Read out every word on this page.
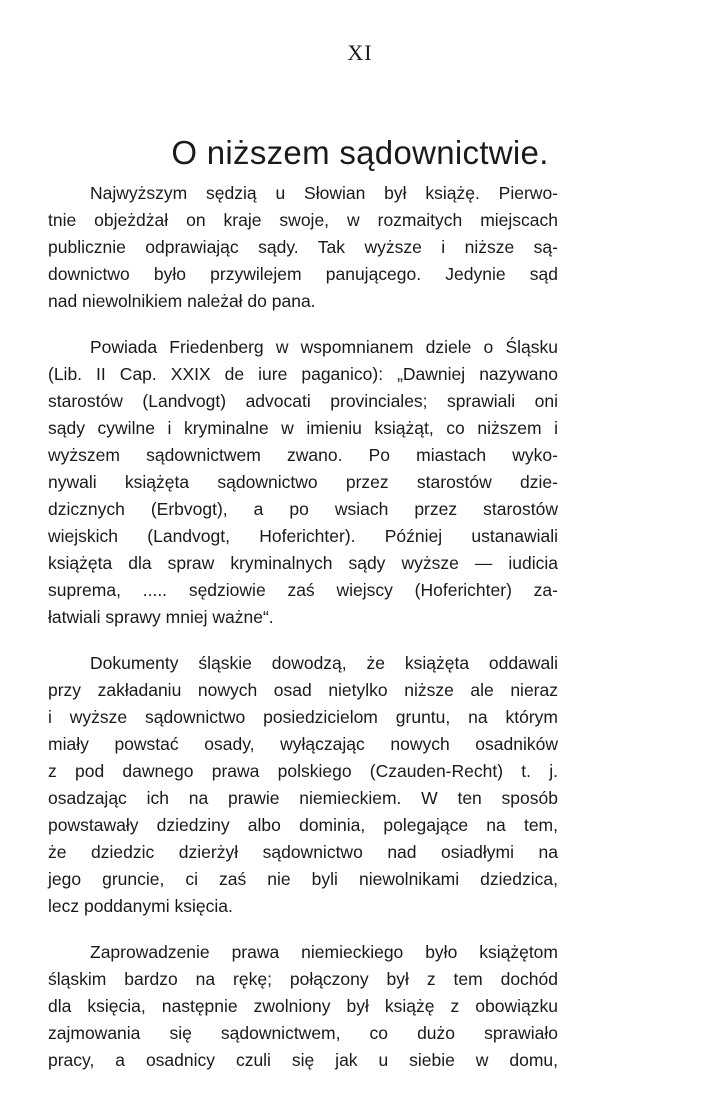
XI
O niższem sądownictwie.
Najwyższym sędzią u Słowian był książę. Pierwo-
tnie objeżdżał on kraje swoje, w rozmaitych miejscach
publicznie odprawiając sądy. Tak wyższe i niższe są-
downictwo było przywilejem panującego. Jedynie sąd
nad niewolnikiem należał do pana.
Powiada Friedenberg w wspomnianem dziele o Śląsku
(Lib. II Cap. XXIX de iure paganico): „Dawniej nazywano
starostów (Landvogt) advocati provinciales; sprawiali oni
sądy cywilne i kryminalne w imieniu książąt, co niższem i
wyższem sądownictwem zwano. Po miastach wyko-
nywali książęta sądownictwo przez starostów dzie-
dzicznych (Erbvogt), a po wsiach przez starostów
wiejskich (Landvogt, Hoferichter). Później ustanawiali
książęta dla spraw kryminalnych sądy wyższe — iudicia
suprema, ..... sędziowie zaś wiejscy (Hoferichter) za-
łatwiali sprawy mniej ważne“.
Dokumenty śląskie dowodzą, że książęta oddawali
przy zakładaniu nowych osad nietylko niższe ale nieraz
i wyższe sądownictwo posiedzicielom gruntu, na którym
miały powstać osady, wyłączając nowych osadników
z pod dawnego prawa polskiego (Czauden-Recht) t. j.
osadzając ich na prawie niemieckiem. W ten sposób
powstawały dziedziny albo dominia, polegające na tem,
że dziedzic dzierżył sądownictwo nad osiadłymi na
jego gruncie, ci zaś nie byli niewolnikami dziedzica,
lecz poddanymi księcia.
Zaprowadzenie prawa niemieckiego było książętom
śląskim bardzo na rękę; połączony był z tem dochód
dla księcia, następnie zwolniony był książę z obowiązku
zajmowania się sądownictwem, co dużo sprawiało
pracy, a osadnicy czuli się jak u siebie w domu,
